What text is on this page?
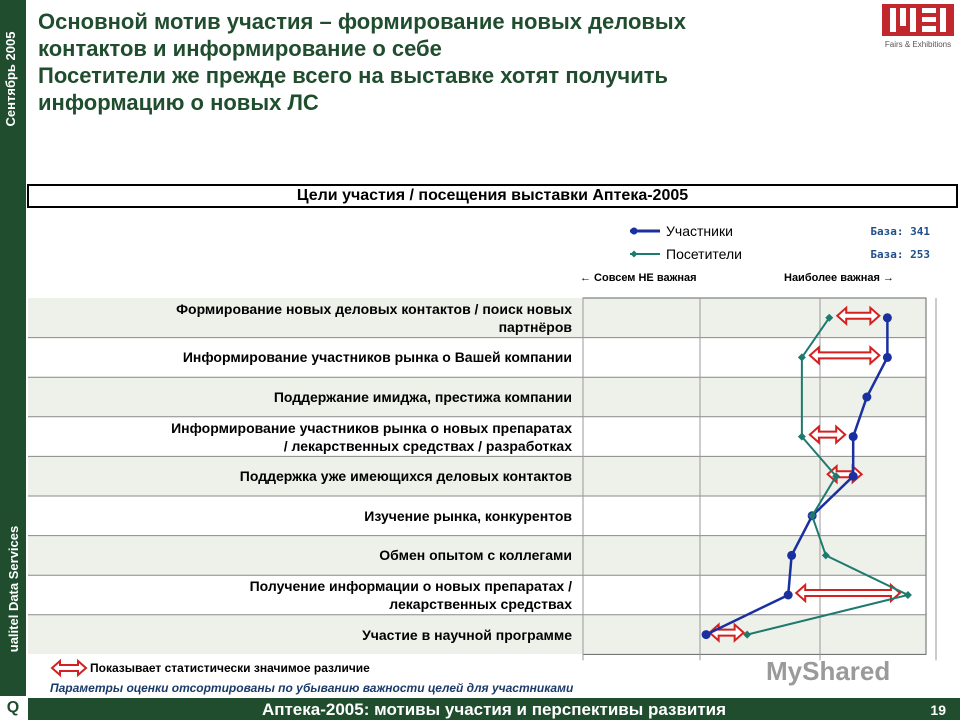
Сентябрь 2005
ualitel Data Services
Q
Основной мотив участия – формирование новых деловых
контактов и информирование о себе
Посетители же прежде всего на выставке хотят получить
информацию о новых ЛС
Fairs & Exhibitions
Цели участия / посещения выставки Аптека-2005
Участники
Посетители
База: 341
База: 253
← Совсем НЕ важная	Наиболее важная →
Формирование новых деловых контактов / поиск новых
партнёров
Информирование участников рынка о Вашей компании
Поддержание имиджа, престижа компании
Информирование участников рынка о новых препаратах
/ лекарственных средствах / разработках
Поддержка уже имеющихся деловых контактов
Изучение рынка, конкурентов
Обмен опытом с коллегами
Получение информации о новых препаратах /
лекарственных средствах
Участие в научной программе
Показывает статистически значимое различие
Параметры оценки отсортированы по убыванию важности целей для участниками
MyShared
Аптека-2005: мотивы участия и перспективы развития	19
